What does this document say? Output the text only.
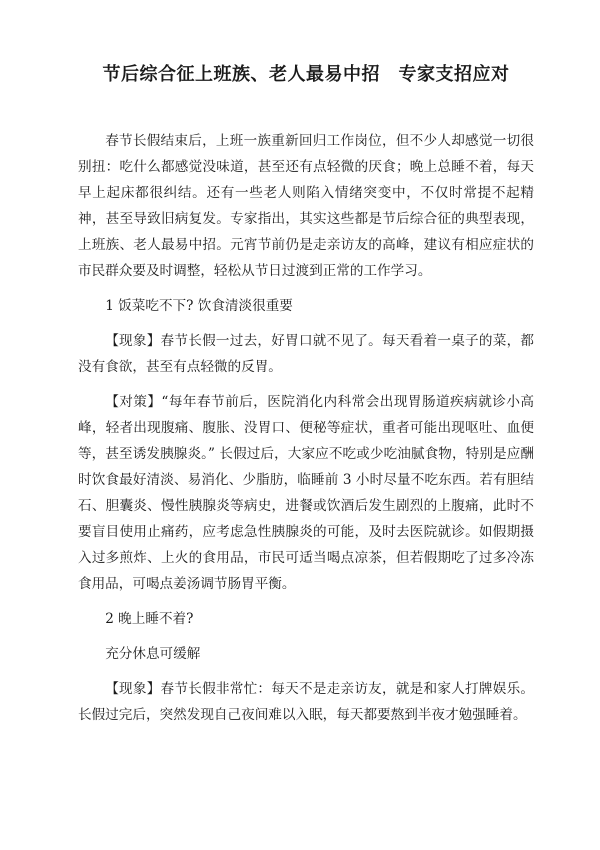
节后综合征上班族、老人最易中招　专家支招应对

春节长假结束后，上班一族重新回归工作岗位，但不少人却感觉一切很别扭：吃什么都感觉没味道，甚至还有点轻微的厌食；晚上总睡不着，每天早上起床都很纠结。还有一些老人则陷入情绪突变中，不仅时常提不起精神，甚至导致旧病复发。专家指出，其实这些都是节后综合征的典型表现，上班族、老人最易中招。元宵节前仍是走亲访友的高峰，建议有相应症状的市民群众要及时调整，轻松从节日过渡到正常的工作学习。

1 饭菜吃不下? 饮食清淡很重要

【现象】春节长假一过去，好胃口就不见了。每天看着一桌子的菜，都没有食欲，甚至有点轻微的反胃。

【对策】“每年春节前后，医院消化内科常会出现胃肠道疾病就诊小高峰，轻者出现腹痛、腹胀、没胃口、便秘等症状，重者可能出现呕吐、血便等，甚至诱发胰腺炎。” 长假过后，大家应不吃或少吃油腻食物，特别是应酬时饮食最好清淡、易消化、少脂肪，临睡前 3 小时尽量不吃东西。若有胆结石、胆囊炎、慢性胰腺炎等病史，进餐或饮酒后发生剧烈的上腹痛，此时不要盲目使用止痛药，应考虑急性胰腺炎的可能，及时去医院就诊。如假期摄入过多煎炸、上火的食用品，市民可适当喝点凉茶，但若假期吃了过多冷冻食用品，可喝点姜汤调节肠胃平衡。

2 晚上睡不着?

充分休息可缓解

【现象】春节长假非常忙：每天不是走亲访友，就是和家人打牌娱乐。长假过完后，突然发现自己夜间难以入眠，每天都要熬到半夜才勉强睡着。
